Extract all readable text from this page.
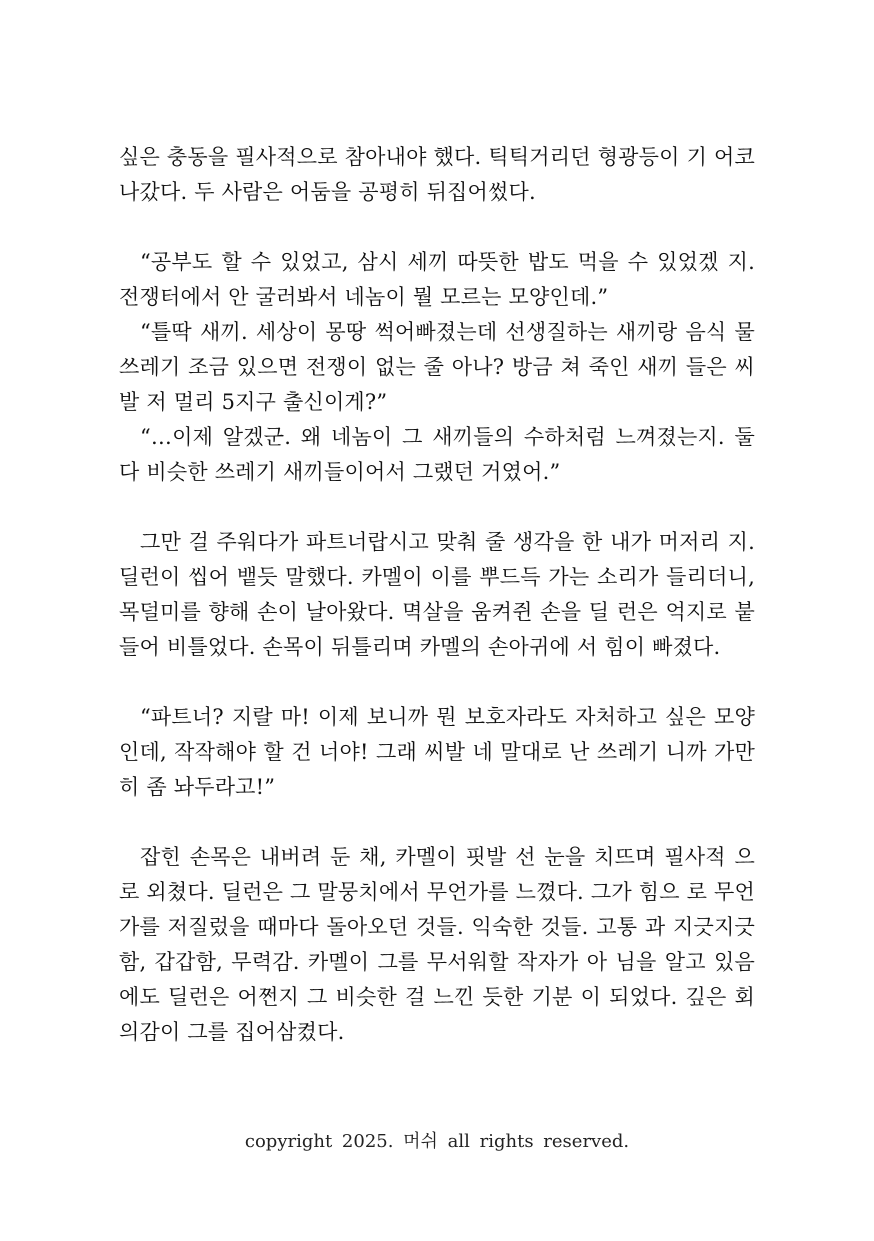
싶은 충동을 필사적으로 참아내야 했다. 틱틱거리던 형광등이 기 어코 나갔다. 두 사람은 어둠을 공평히 뒤집어썼다.

“공부도 할 수 있었고, 삼시 세끼 따뜻한 밥도 먹을 수 있었겠 지. 전쟁터에서 안 굴러봐서 네놈이 뭘 모르는 모양인데.”

“틀딱 새끼. 세상이 몽땅 썩어빠졌는데 선생질하는 새끼랑 음식 물 쓰레기 조금 있으면 전쟁이 없는 줄 아나? 방금 쳐 죽인 새끼 들은 씨발 저 멀리 5지구 출신이게?”

“…이제 알겠군. 왜 네놈이 그 새끼들의 수하처럼 느껴졌는지. 둘 다 비슷한 쓰레기 새끼들이어서 그랬던 거였어.”

그만 걸 주워다가 파트너랍시고 맞춰 줄 생각을 한 내가 머저리 지. 딜런이 씹어 뱉듯 말했다. 카멜이 이를 뿌드득 가는 소리가 들리더니, 목덜미를 향해 손이 날아왔다. 멱살을 움켜쥔 손을 딜 런은 억지로 붙들어 비틀었다. 손목이 뒤틀리며 카멜의 손아귀에 서 힘이 빠졌다.

“파트너? 지랄 마! 이제 보니까 뭔 보호자라도 자처하고 싶은 모양인데, 작작해야 할 건 너야! 그래 씨발 네 말대로 난 쓰레기 니까 가만히 좀 놔두라고!”

잡힌 손목은 내버려 둔 채, 카멜이 핏발 선 눈을 치뜨며 필사적 으로 외쳤다. 딜런은 그 말뭉치에서 무언가를 느꼈다. 그가 힘으 로 무언가를 저질렀을 때마다 돌아오던 것들. 익숙한 것들. 고통 과 지긋지긋함, 갑갑함, 무력감. 카멜이 그를 무서워할 작자가 아 님을 알고 있음에도 딜런은 어쩐지 그 비슷한 걸 느낀 듯한 기분 이 되었다. 깊은 회의감이 그를 집어삼켰다.

copyright 2025. 머쉬 all rights reserved.
